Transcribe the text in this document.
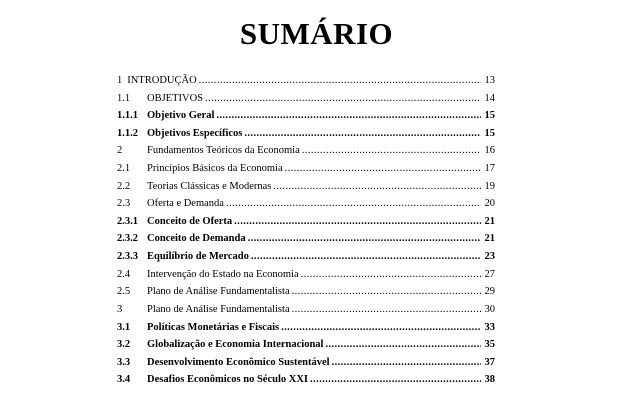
SUMÁRIO
1 INTRODUÇÃO .....	13
1.1	OBJETIVOS .....	14
1.1.1 Objetivo Geral .....	15
1.1.2 Objetivos Específicos .....	15
2	Fundamentos Teóricos da Economia .....	16
2.1	Princípios Básicos da Economia .....	17
2.2	Teorias Clássicas e Modernas .....	19
2.3	Oferta e Demanda .....	20
2.3.1 Conceito de Oferta .....	21
2.3.2 Conceito de Demanda .....	21
2.3.3 Equilíbrio de Mercado .....	23
2.4	Intervenção do Estado na Economia .....	27
2.5	Plano de Análise Fundamentalista .....	29
3	Plano de Análise Fundamentalista .....	30
3.1	Políticas Monetárias e Fiscais .....	33
3.2	Globalização e Economia Internacional .....	35
3.3	Desenvolvimento Econômico Sustentável .....	37
3.4	Desafios Econômicos no Século XXI .....	38
